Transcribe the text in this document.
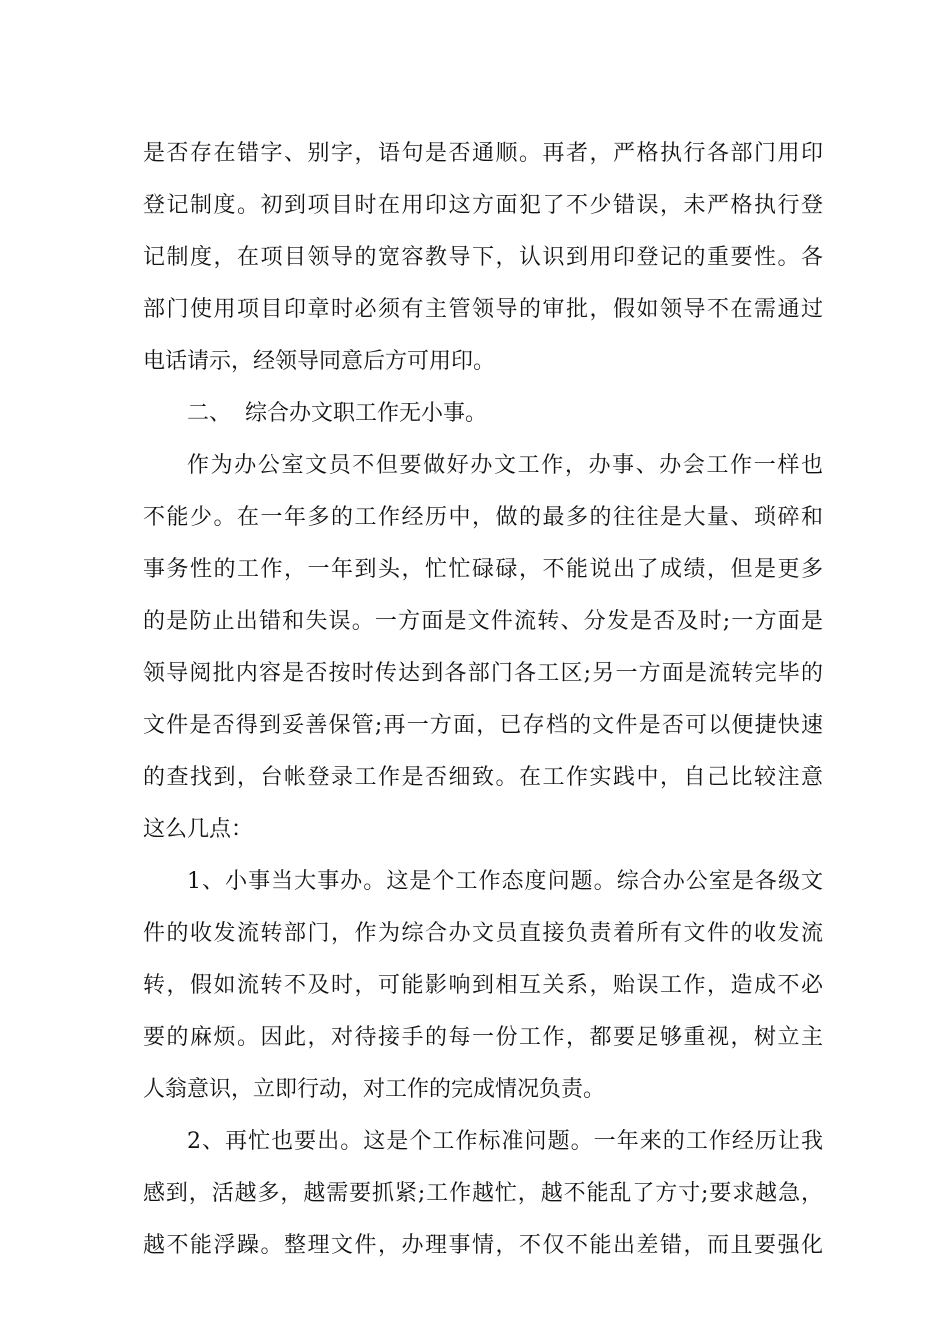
是否存在错字、别字，语句是否通顺。再者，严格执行各部门用印
登记制度。初到项目时在用印这方面犯了不少错误，未严格执行登
记制度，在项目领导的宽容教导下，认识到用印登记的重要性。各
部门使用项目印章时必须有主管领导的审批，假如领导不在需通过
电话请示，经领导同意后方可用印。
二、  综合办文职工作无小事。
作为办公室文员不但要做好办文工作，办事、办会工作一样也
不能少。在一年多的工作经历中，做的最多的往往是大量、琐碎和
事务性的工作，一年到头，忙忙碌碌，不能说出了成绩，但是更多
的是防止出错和失误。一方面是文件流转、分发是否及时;一方面是
领导阅批内容是否按时传达到各部门各工区;另一方面是流转完毕的
文件是否得到妥善保管;再一方面，已存档的文件是否可以便捷快速
的查找到，台帐登录工作是否细致。在工作实践中，自己比较注意
这么几点：
1、小事当大事办。这是个工作态度问题。综合办公室是各级文
件的收发流转部门，作为综合办文员直接负责着所有文件的收发流
转，假如流转不及时，可能影响到相互关系，贻误工作，造成不必
要的麻烦。因此，对待接手的每一份工作，都要足够重视，树立主
人翁意识，立即行动，对工作的完成情况负责。
2、再忙也要出。这是个工作标准问题。一年来的工作经历让我
感到，活越多，越需要抓紧;工作越忙，越不能乱了方寸;要求越急，
越不能浮躁。整理文件，办理事情，不仅不能出差错，而且要强化
